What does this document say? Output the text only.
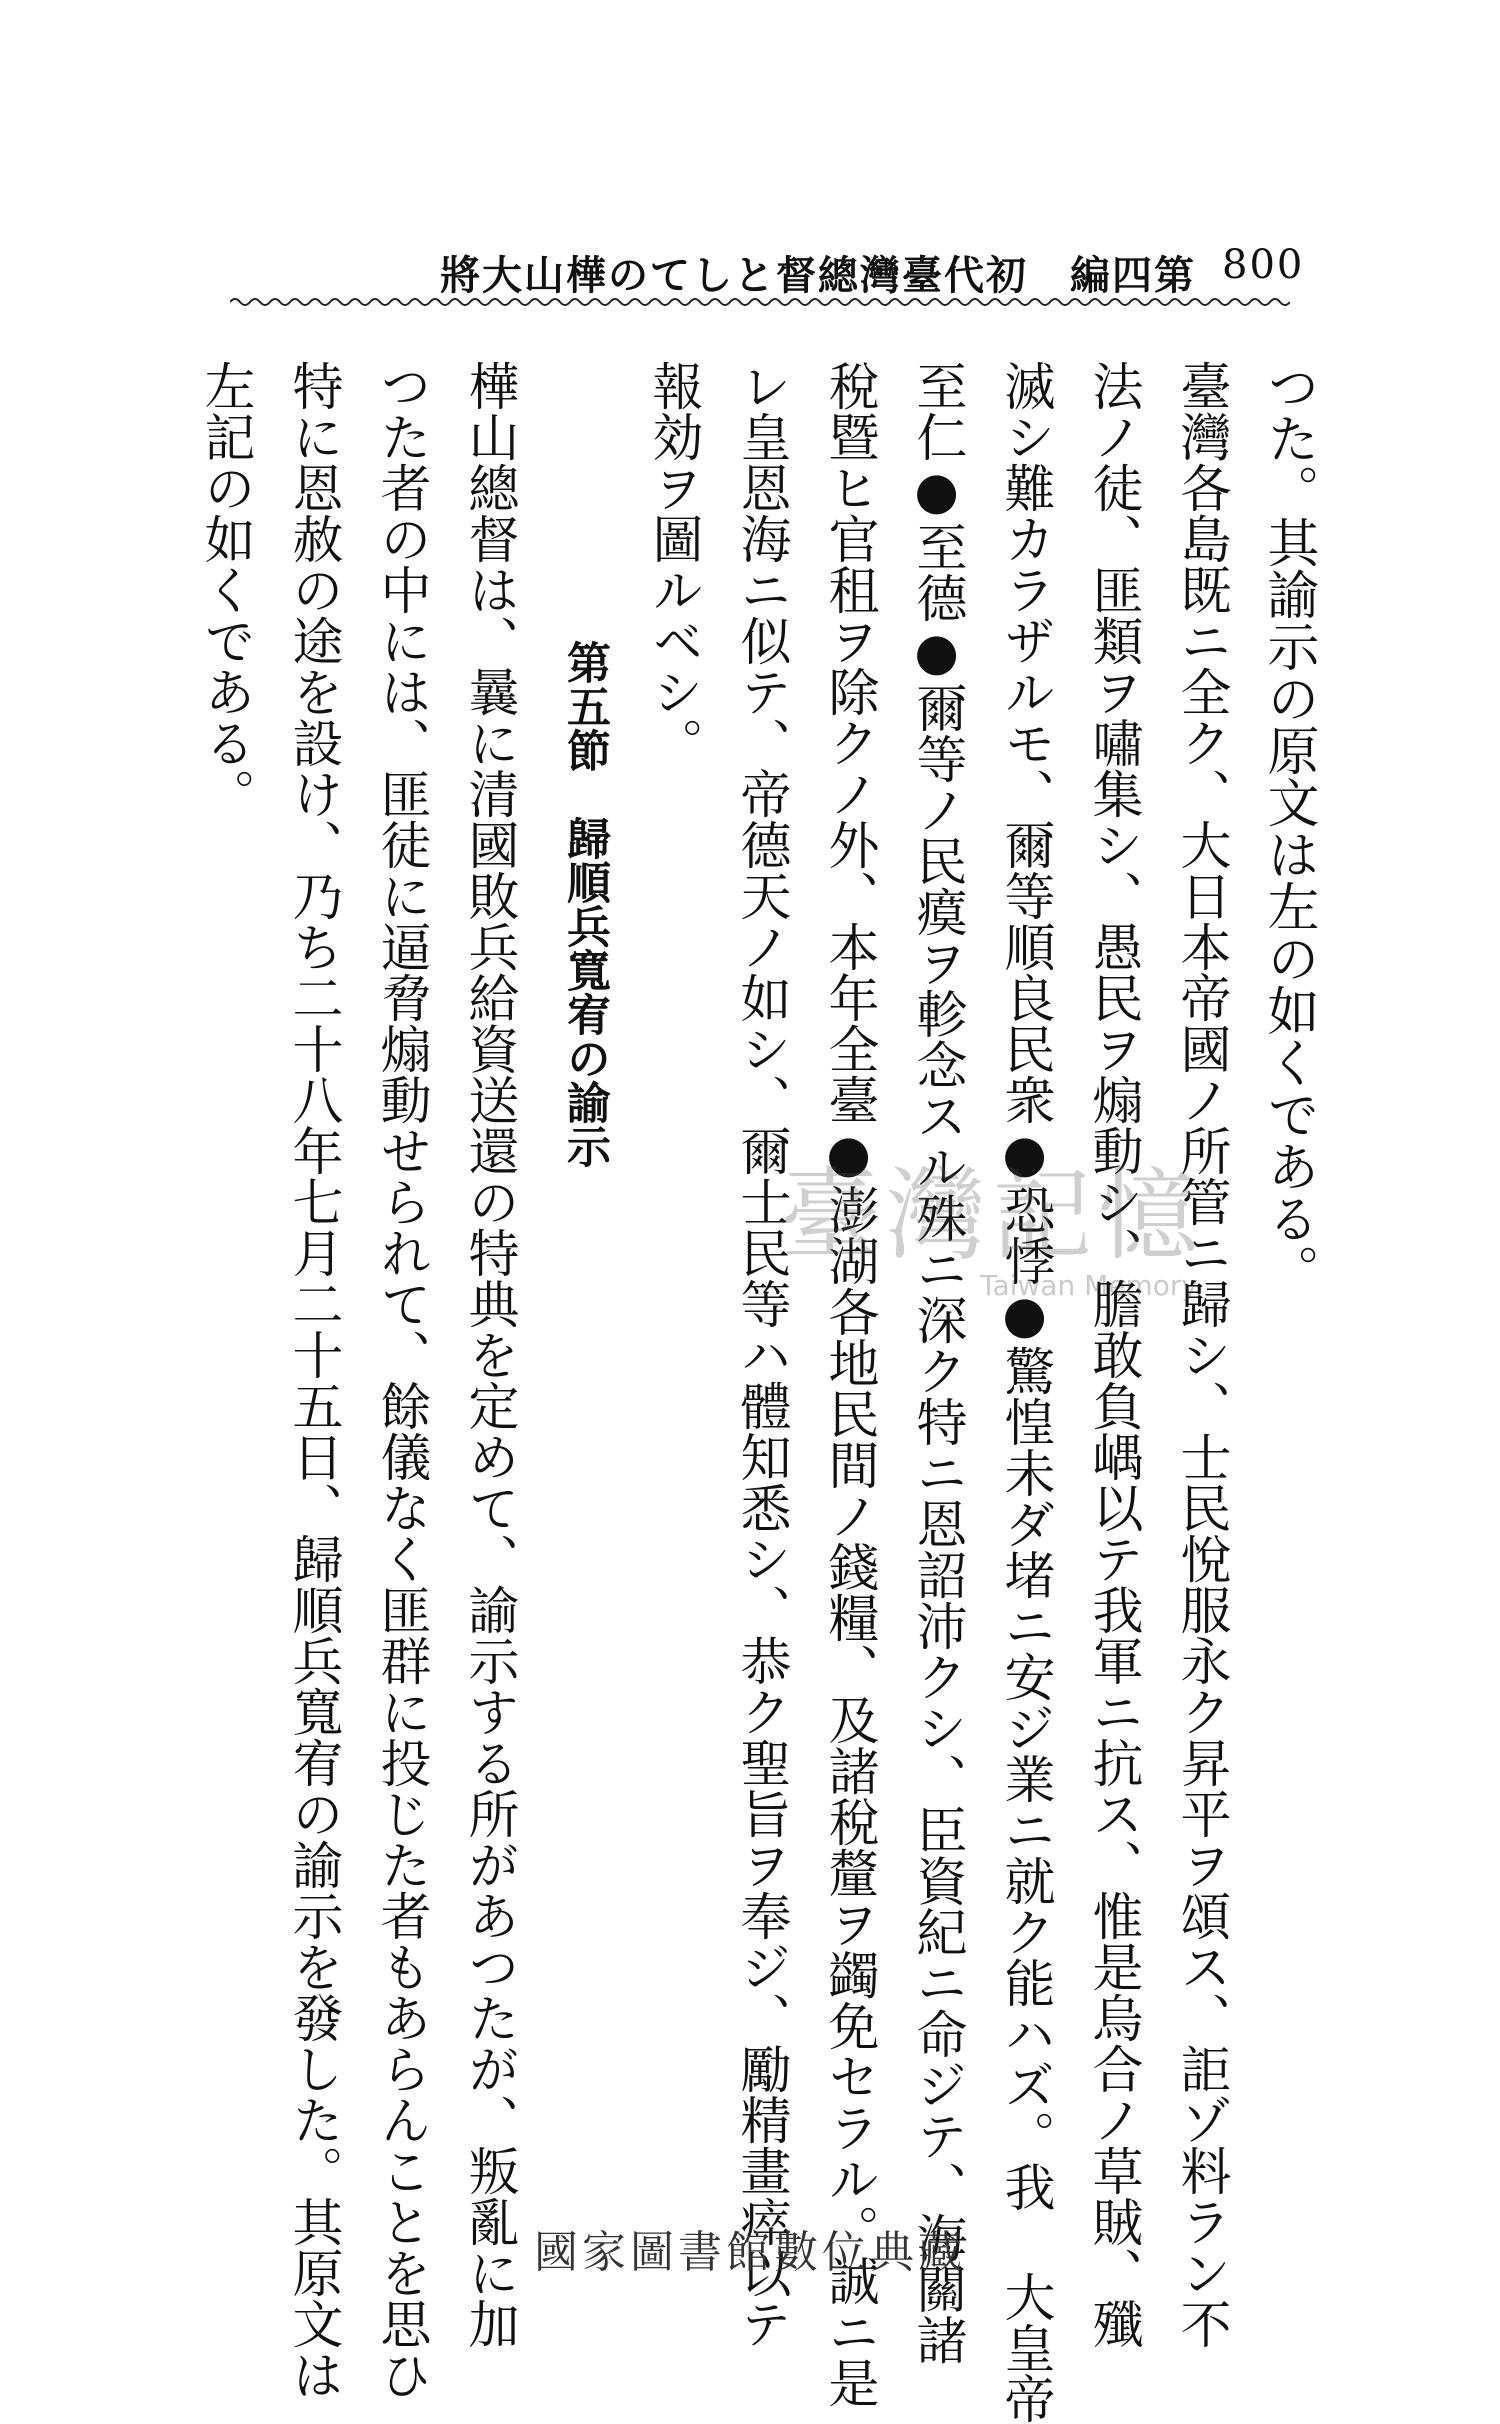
800
第四編　初代臺灣總督としての樺山大將
つた。其諭示の原文は左の如くである。
臺灣各島既ニ全ク、大日本帝國ノ所管ニ歸シ、士民悅服永ク昇平ヲ頌ス、詎ゾ料ラン不
法ノ徒、匪類ヲ嘯集シ、愚民ヲ煽動シ、膽敢負嵎以テ我軍ニ抗ス、惟是烏合ノ草賊、殲
滅シ難カラザルモ、爾等順良民衆●恐悸●驚惶未ダ堵ニ安ジ業ニ就ク能ハズ。我 大皇帝
至仁●至德●爾等ノ民瘼ヲ軫念スル殊ニ深ク特ニ恩詔沛クシ、臣資紀ニ命ジテ、海關諸
稅暨ヒ官租ヲ除クノ外、本年全臺●澎湖各地民間ノ錢糧、及諸稅釐ヲ蠲免セラル。誠ニ是
レ皇恩海ニ似テ、帝德天ノ如シ、爾士民等ハ體知悉シ、恭ク聖旨ヲ奉ジ、勵精畫瘁以テ
報効ヲ圖ルベシ。
第五節　歸順兵寬宥の諭示
樺山總督は、曩に清國敗兵給資送還の特典を定めて、諭示する所があつたが、叛亂に加
つた者の中には、匪徒に逼脅煽動せられて、餘儀なく匪群に投じた者もあらんことを思ひ
特に恩赦の途を設け、乃ち二十八年七月二十五日、歸順兵寬宥の諭示を發した。其原文は
左記の如くである。
臺灣記憶
Taiwan Memory
國家圖書館數位典藏
